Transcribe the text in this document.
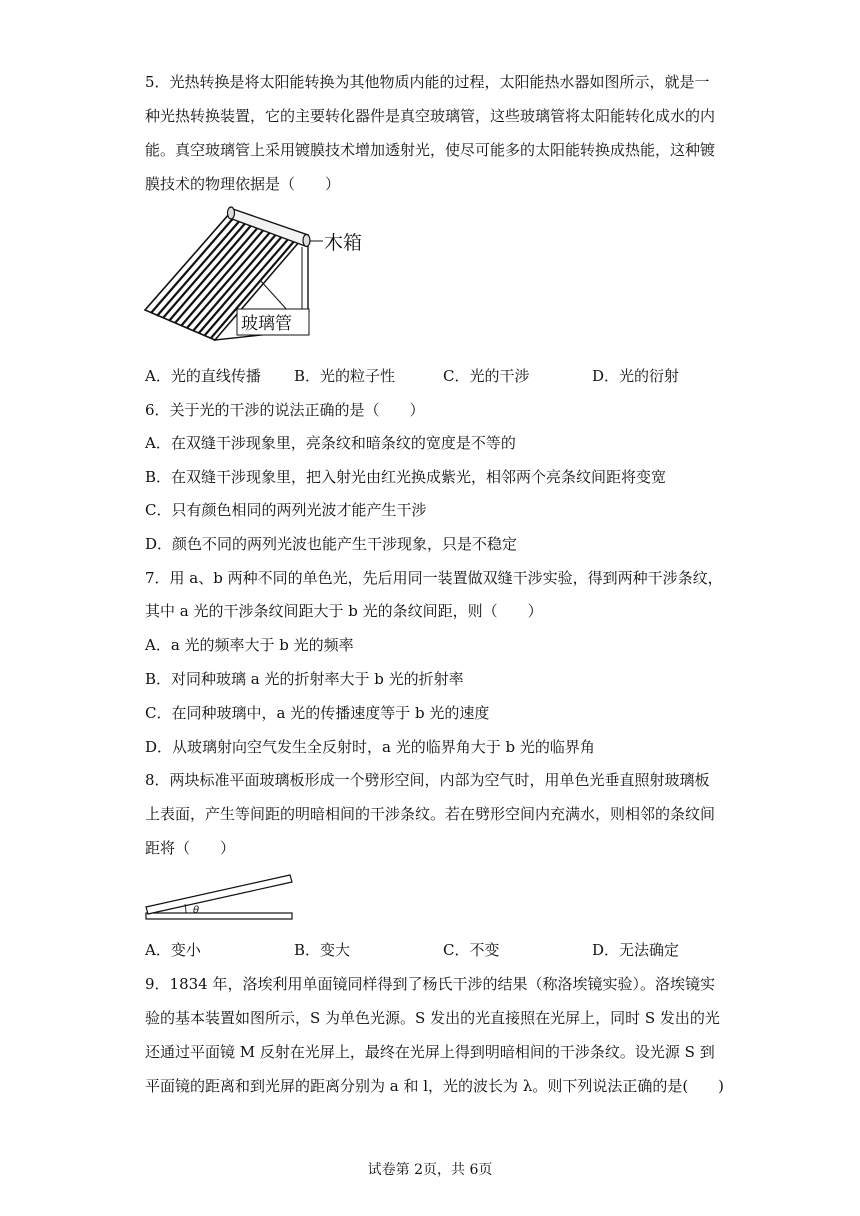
5．光热转换是将太阳能转换为其他物质内能的过程，太阳能热水器如图所示，就是一
种光热转换装置，它的主要转化器件是真空玻璃管，这些玻璃管将太阳能转化成水的内
能。真空玻璃管上采用镀膜技术增加透射光，使尽可能多的太阳能转换成热能，这种镀
膜技术的物理依据是（　　）
木箱
玻璃管
A．光的直线传播 B．光的粒子性	C．光的干涉	D．光的衍射
6．关于光的干涉的说法正确的是（　　）
A．在双缝干涉现象里，亮条纹和暗条纹的宽度是不等的
B．在双缝干涉现象里，把入射光由红光换成紫光，相邻两个亮条纹间距将变宽
C．只有颜色相同的两列光波才能产生干涉
D．颜色不同的两列光波也能产生干涉现象，只是不稳定
7．用 a、b 两种不同的单色光，先后用同一装置做双缝干涉实验，得到两种干涉条纹，
其中 a 光的干涉条纹间距大于 b 光的条纹间距，则（　　）
A．a 光的频率大于 b 光的频率
B．对同种玻璃 a 光的折射率大于 b 光的折射率
C．在同种玻璃中，a 光的传播速度等于 b 光的速度
D．从玻璃射向空气发生全反射时，a 光的临界角大于 b 光的临界角
8．两块标准平面玻璃板形成一个劈形空间，内部为空气时，用单色光垂直照射玻璃板
上表面，产生等间距的明暗相间的干涉条纹。若在劈形空间内充满水，则相邻的条纹间
距将（　　）
θ
A．变小	B．变大	C．不变	D．无法确定
9．1834 年，洛埃利用单面镜同样得到了杨氏干涉的结果（称洛埃镜实验）。洛埃镜实
验的基本装置如图所示，S 为单色光源。S 发出的光直接照在光屏上，同时 S 发出的光
还通过平面镜 M 反射在光屏上，最终在光屏上得到明暗相间的干涉条纹。设光源 S 到
平面镜的距离和到光屏的距离分别为 a 和 l，光的波长为 λ。则下列说法正确的是(　　)
试卷第 2页，共 6页
